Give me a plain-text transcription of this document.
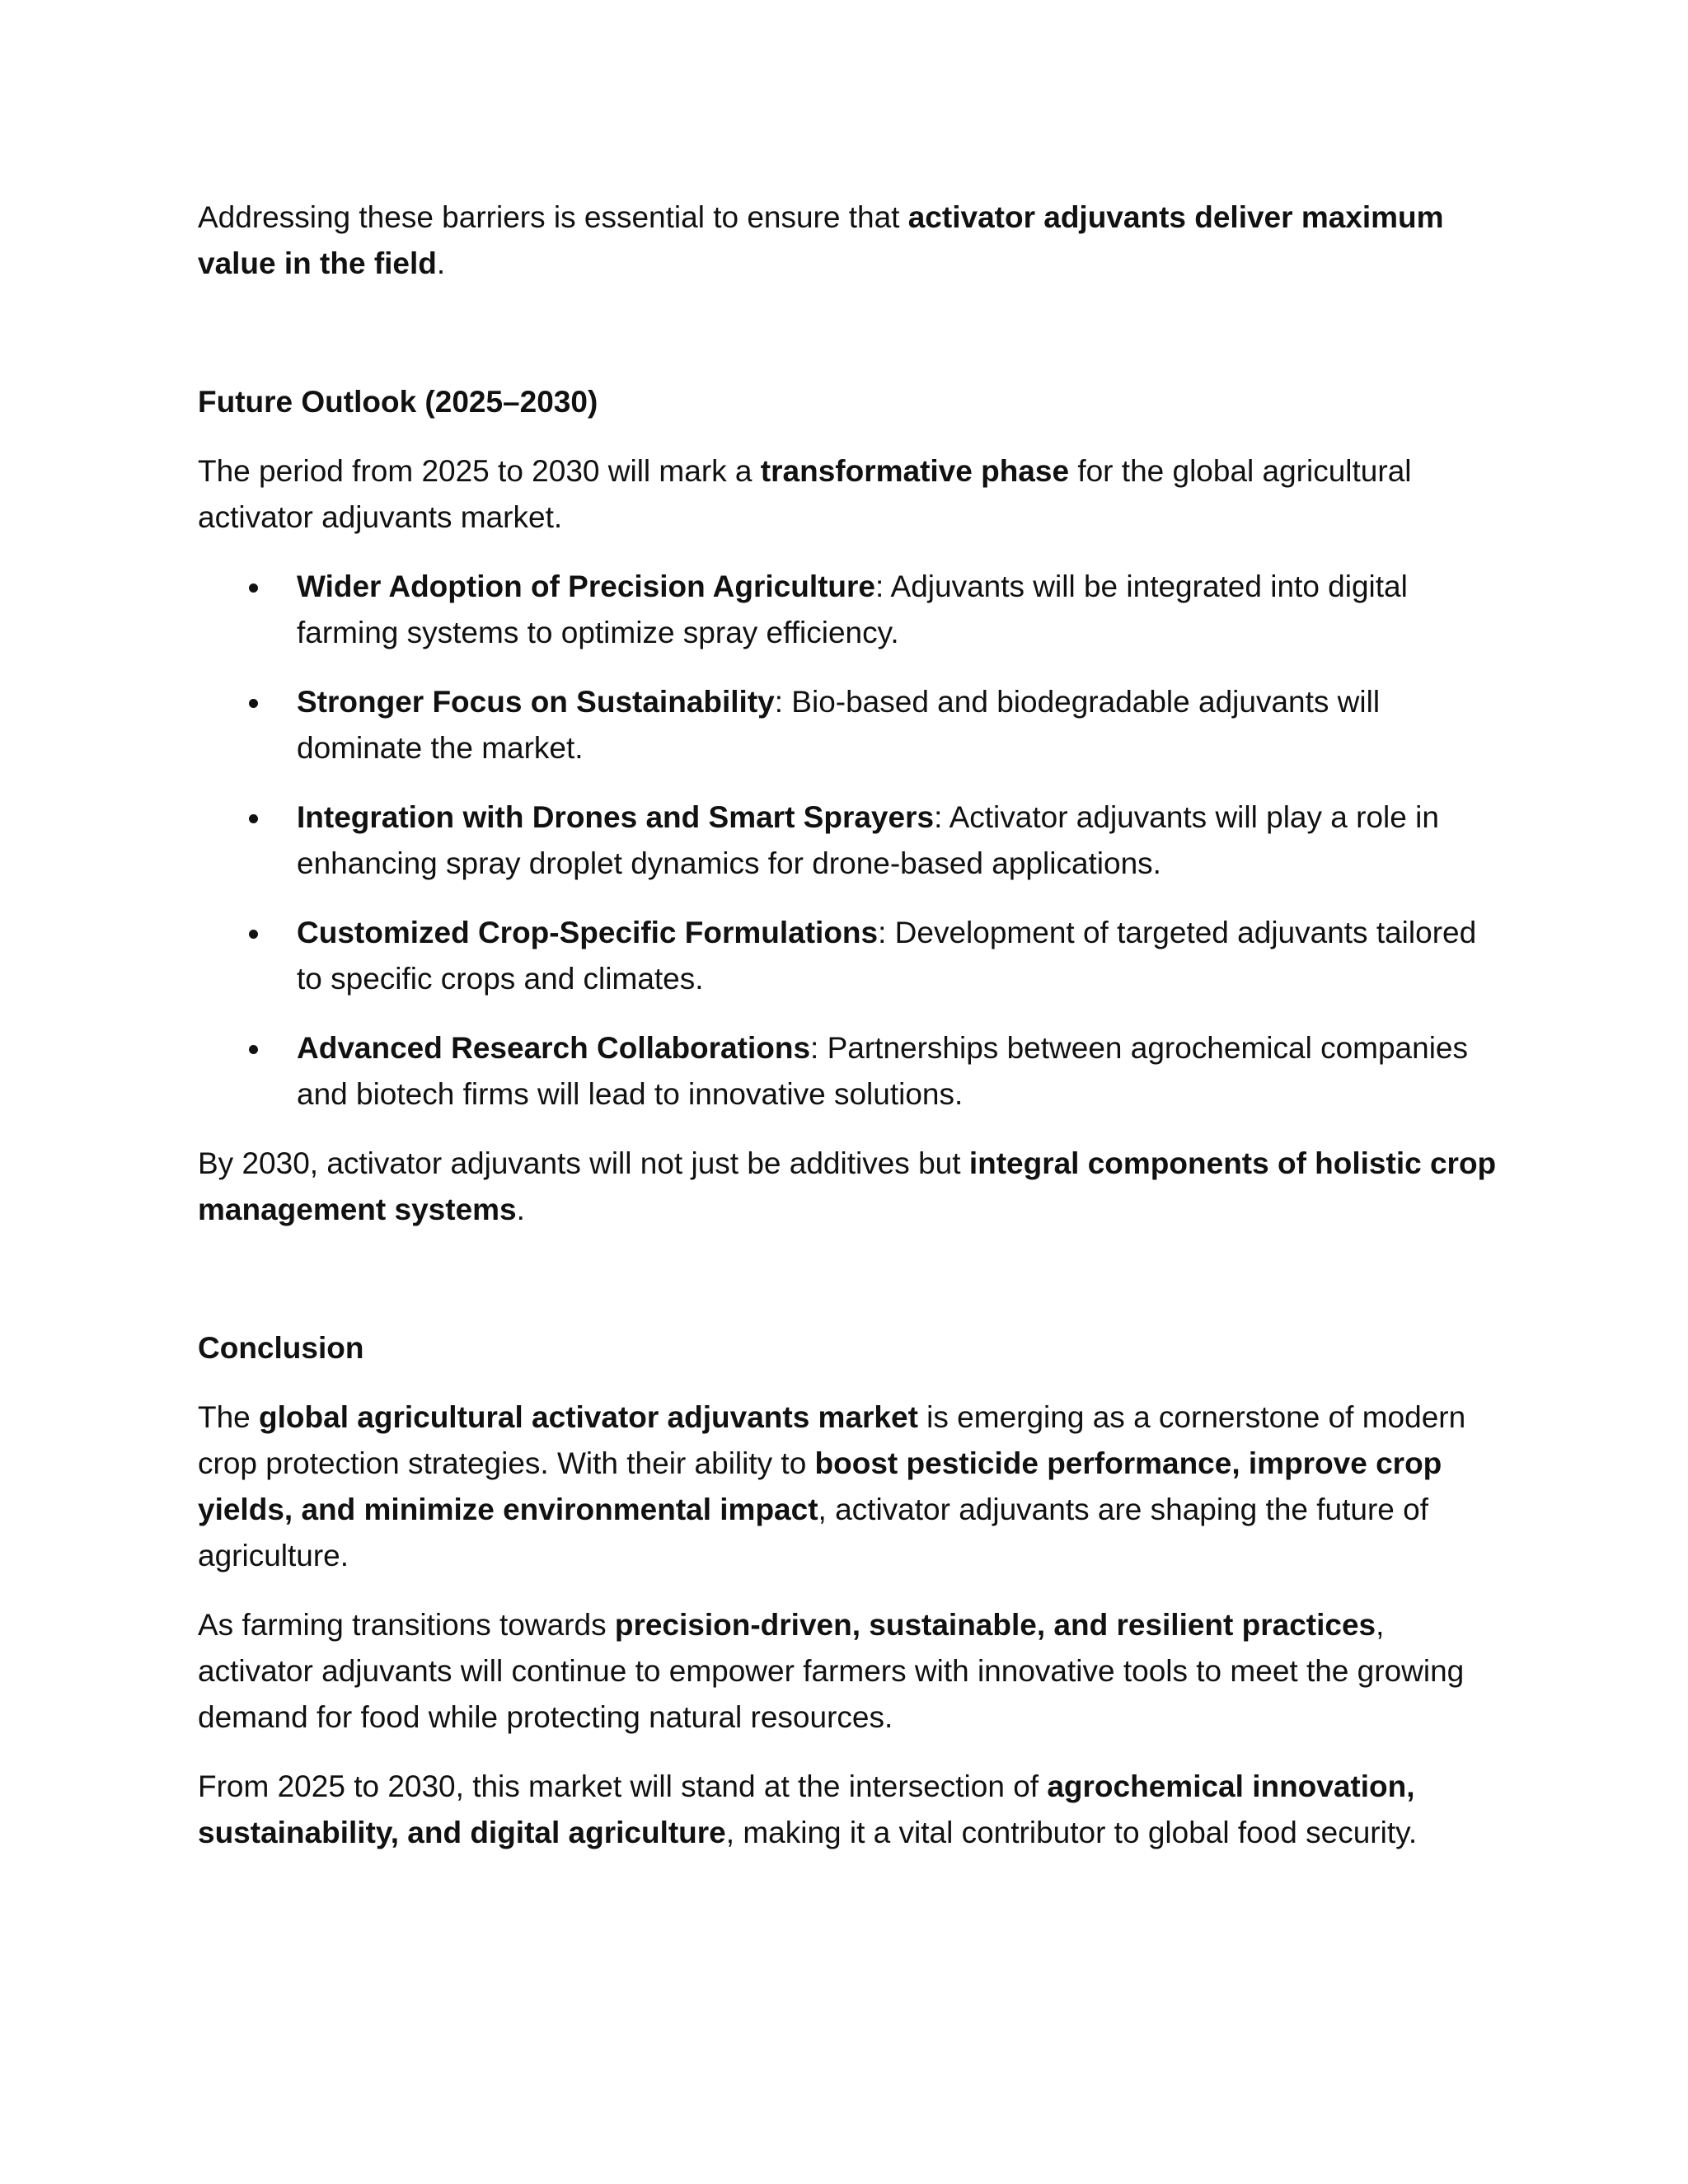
Addressing these barriers is essential to ensure that activator adjuvants deliver maximum value in the field.

Future Outlook (2025–2030)

The period from 2025 to 2030 will mark a transformative phase for the global agricultural activator adjuvants market.

Wider Adoption of Precision Agriculture: Adjuvants will be integrated into digital farming systems to optimize spray efficiency.
Stronger Focus on Sustainability: Bio-based and biodegradable adjuvants will dominate the market.
Integration with Drones and Smart Sprayers: Activator adjuvants will play a role in enhancing spray droplet dynamics for drone-based applications.
Customized Crop-Specific Formulations: Development of targeted adjuvants tailored to specific crops and climates.
Advanced Research Collaborations: Partnerships between agrochemical companies and biotech firms will lead to innovative solutions.

By 2030, activator adjuvants will not just be additives but integral components of holistic crop management systems.

Conclusion

The global agricultural activator adjuvants market is emerging as a cornerstone of modern crop protection strategies. With their ability to boost pesticide performance, improve crop yields, and minimize environmental impact, activator adjuvants are shaping the future of agriculture.

As farming transitions towards precision-driven, sustainable, and resilient practices, activator adjuvants will continue to empower farmers with innovative tools to meet the growing demand for food while protecting natural resources.

From 2025 to 2030, this market will stand at the intersection of agrochemical innovation, sustainability, and digital agriculture, making it a vital contributor to global food security.
